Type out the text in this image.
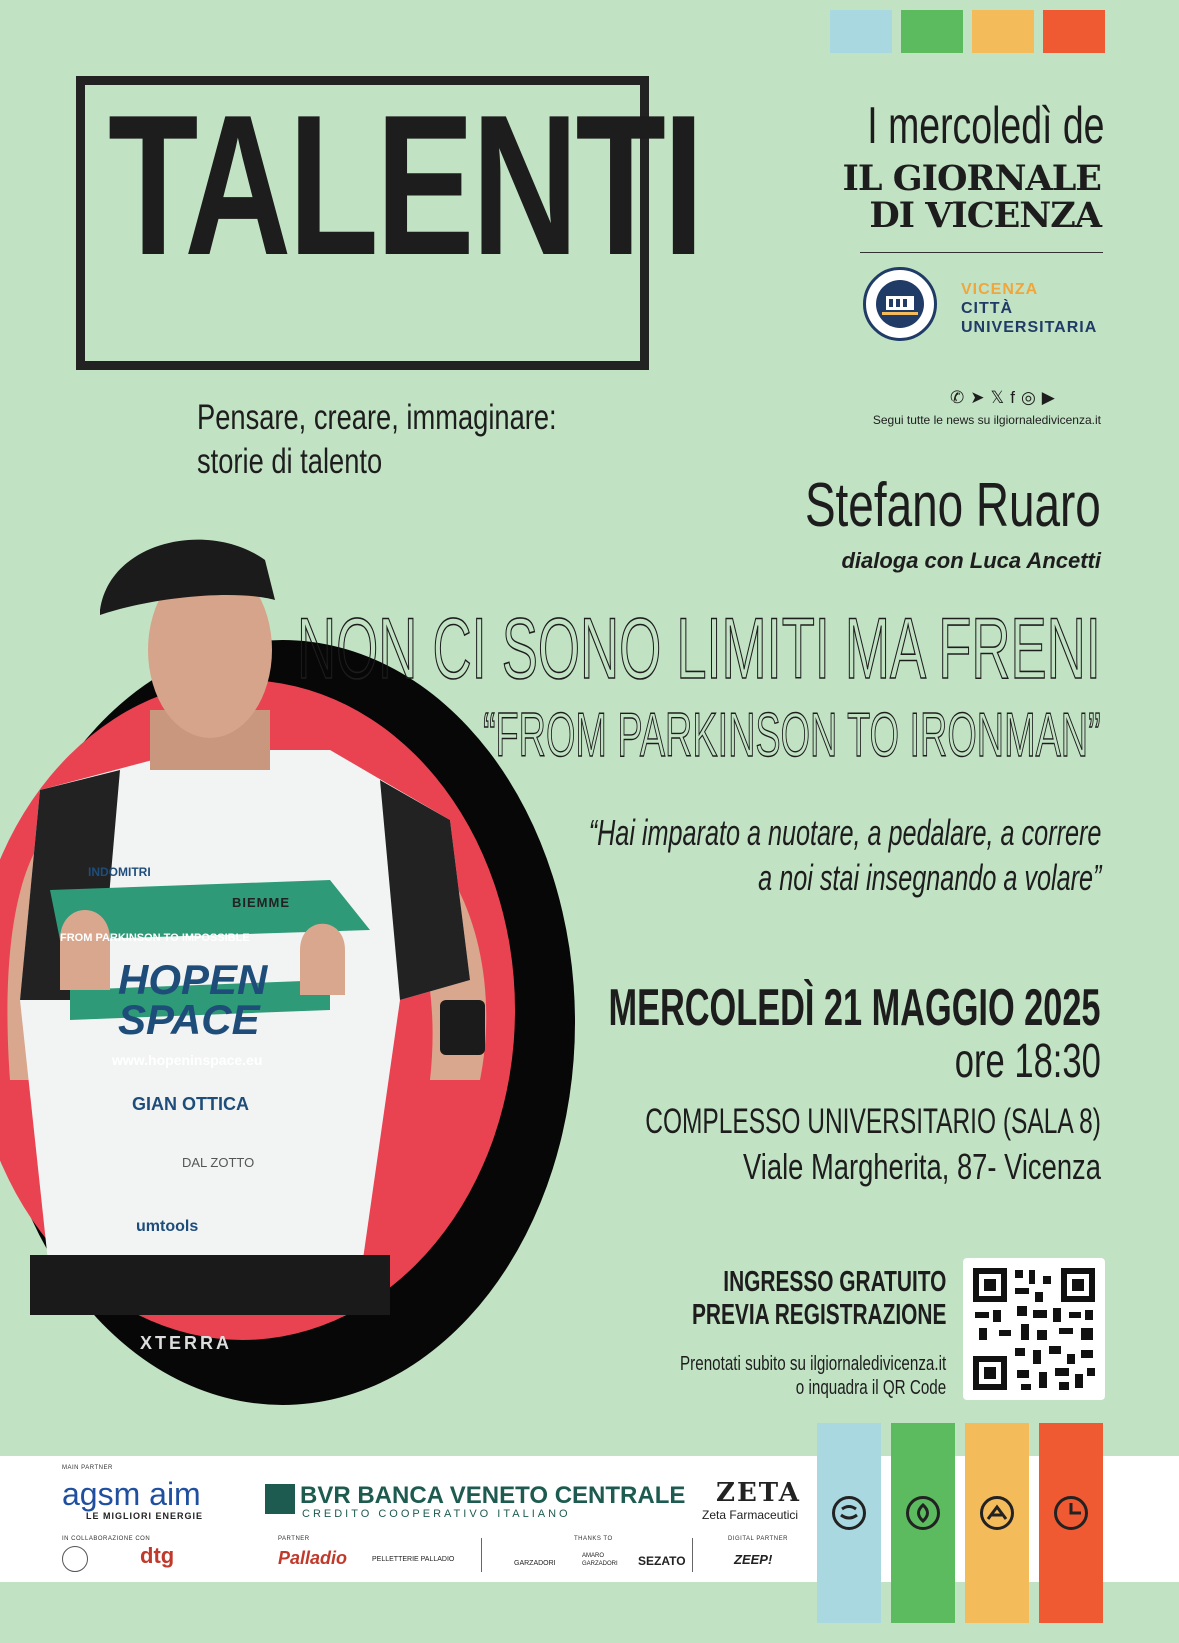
TALENTI
Pensare, creare, immaginare:
storie di talento
I mercoledì de
IL GIORNALE
DI VICENZA
VICENZA
CITTÀ
UNIVERSITARIA
✆➤𝕏f◎▶
Segui tutte le news su ilgiornaledivicenza.it
INDOMITRI
BIEMME
FROM PARKINSON TO IMPOSSIBLE
HOPEN
SPACE
www.hopeninspace.eu
GIAN OTTICA
DAL ZOTTO
umtools
XTERRA
Stefano Ruaro
dialoga con Luca Ancetti
NON CI SONO LIMITI MA FRENI
“FROM PARKINSON TO IRONMAN”
“Hai imparato a nuotare, a pedalare, a correre
a noi stai insegnando a volare”
MERCOLEDÌ 21 MAGGIO 2025
ore 18:30
COMPLESSO UNIVERSITARIO (SALA 8)
Viale Margherita, 87- Vicenza
INGRESSO GRATUITO
PREVIA REGISTRAZIONE
Prenotati subito su ilgiornaledivicenza.it
o inquadra il QR Code
MAIN PARTNER
agsm aim
LE MIGLIORI ENERGIE
BVR BANCA VENETO CENTRALE
CREDITO COOPERATIVO ITALIANO
ZETA
Zeta Farmaceutici
IN COLLABORAZIONE CON
dtg
PARTNER
Palladio	PELLETTERIE PALLADIO
THANKS TO
GARZADORI
AMARO GARZADORI SEZATO
DIGITAL PARTNER
ZEEP!
